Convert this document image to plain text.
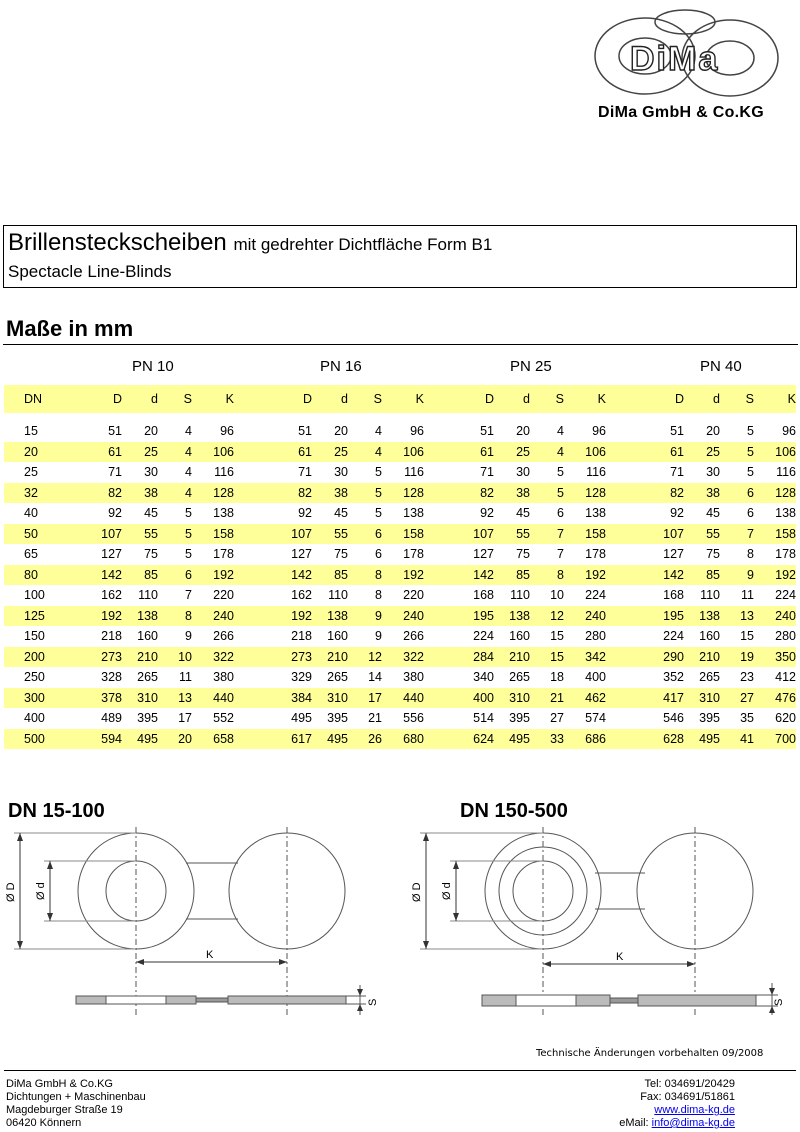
DiMa
DiMa GmbH & Co.KG
Brillensteckscheiben mit gedrehter Dichtfläche Form B1
Spectacle Line-Blinds
Maße in mm
PN 10	PN 16	PN 25	PN 40
DN	D	d	S	K	D	d	S	K	D	d	S	K	D	d	S	K

15	51	20	4	96	51	20	4	96	51	20	4	96	51	20	5	96
20	61	25	4	106	61	25	4	106	61	25	4	106	61	25	5	106
25	71	30	4	116	71	30	5	116	71	30	5	116	71	30	5	116
32	82	38	4	128	82	38	5	128	82	38	5	128	82	38	6	128
40	92	45	5	138	92	45	5	138	92	45	6	138	92	45	6	138
50	107	55	5	158	107	55	6	158	107	55	7	158	107	55	7	158
65	127	75	5	178	127	75	6	178	127	75	7	178	127	75	8	178
80	142	85	6	192	142	85	8	192	142	85	8	192	142	85	9	192
100	162	110	7	220	162	110	8	220	168	110	10	224	168	110	11	224
125	192	138	8	240	192	138	9	240	195	138	12	240	195	138	13	240
150	218	160	9	266	218	160	9	266	224	160	15	280	224	160	15	280
200	273	210	10	322	273	210	12	322	284	210	15	342	290	210	19	350
250	328	265	11	380	329	265	14	380	340	265	18	400	352	265	23	412
300	378	310	13	440	384	310	17	440	400	310	21	462	417	310	27	476
400	489	395	17	552	495	395	21	556	514	395	27	574	546	395	35	620
500	594	495	20	658	617	495	26	680	624	495	33	686	628	495	41	700
DN 15-100
Ø D Ø d
K
S
DN 150-500
Ø D Ø d
K
S
Technische Änderungen vorbehalten 09/2008
DiMa GmbH & Co.KG
Dichtungen + Maschinenbau
Magdeburger Straße 19
06420 Könnern
Tel: 034691/20429
Fax: 034691/51861
www.dima-kg.de
eMail: info@dima-kg.de
